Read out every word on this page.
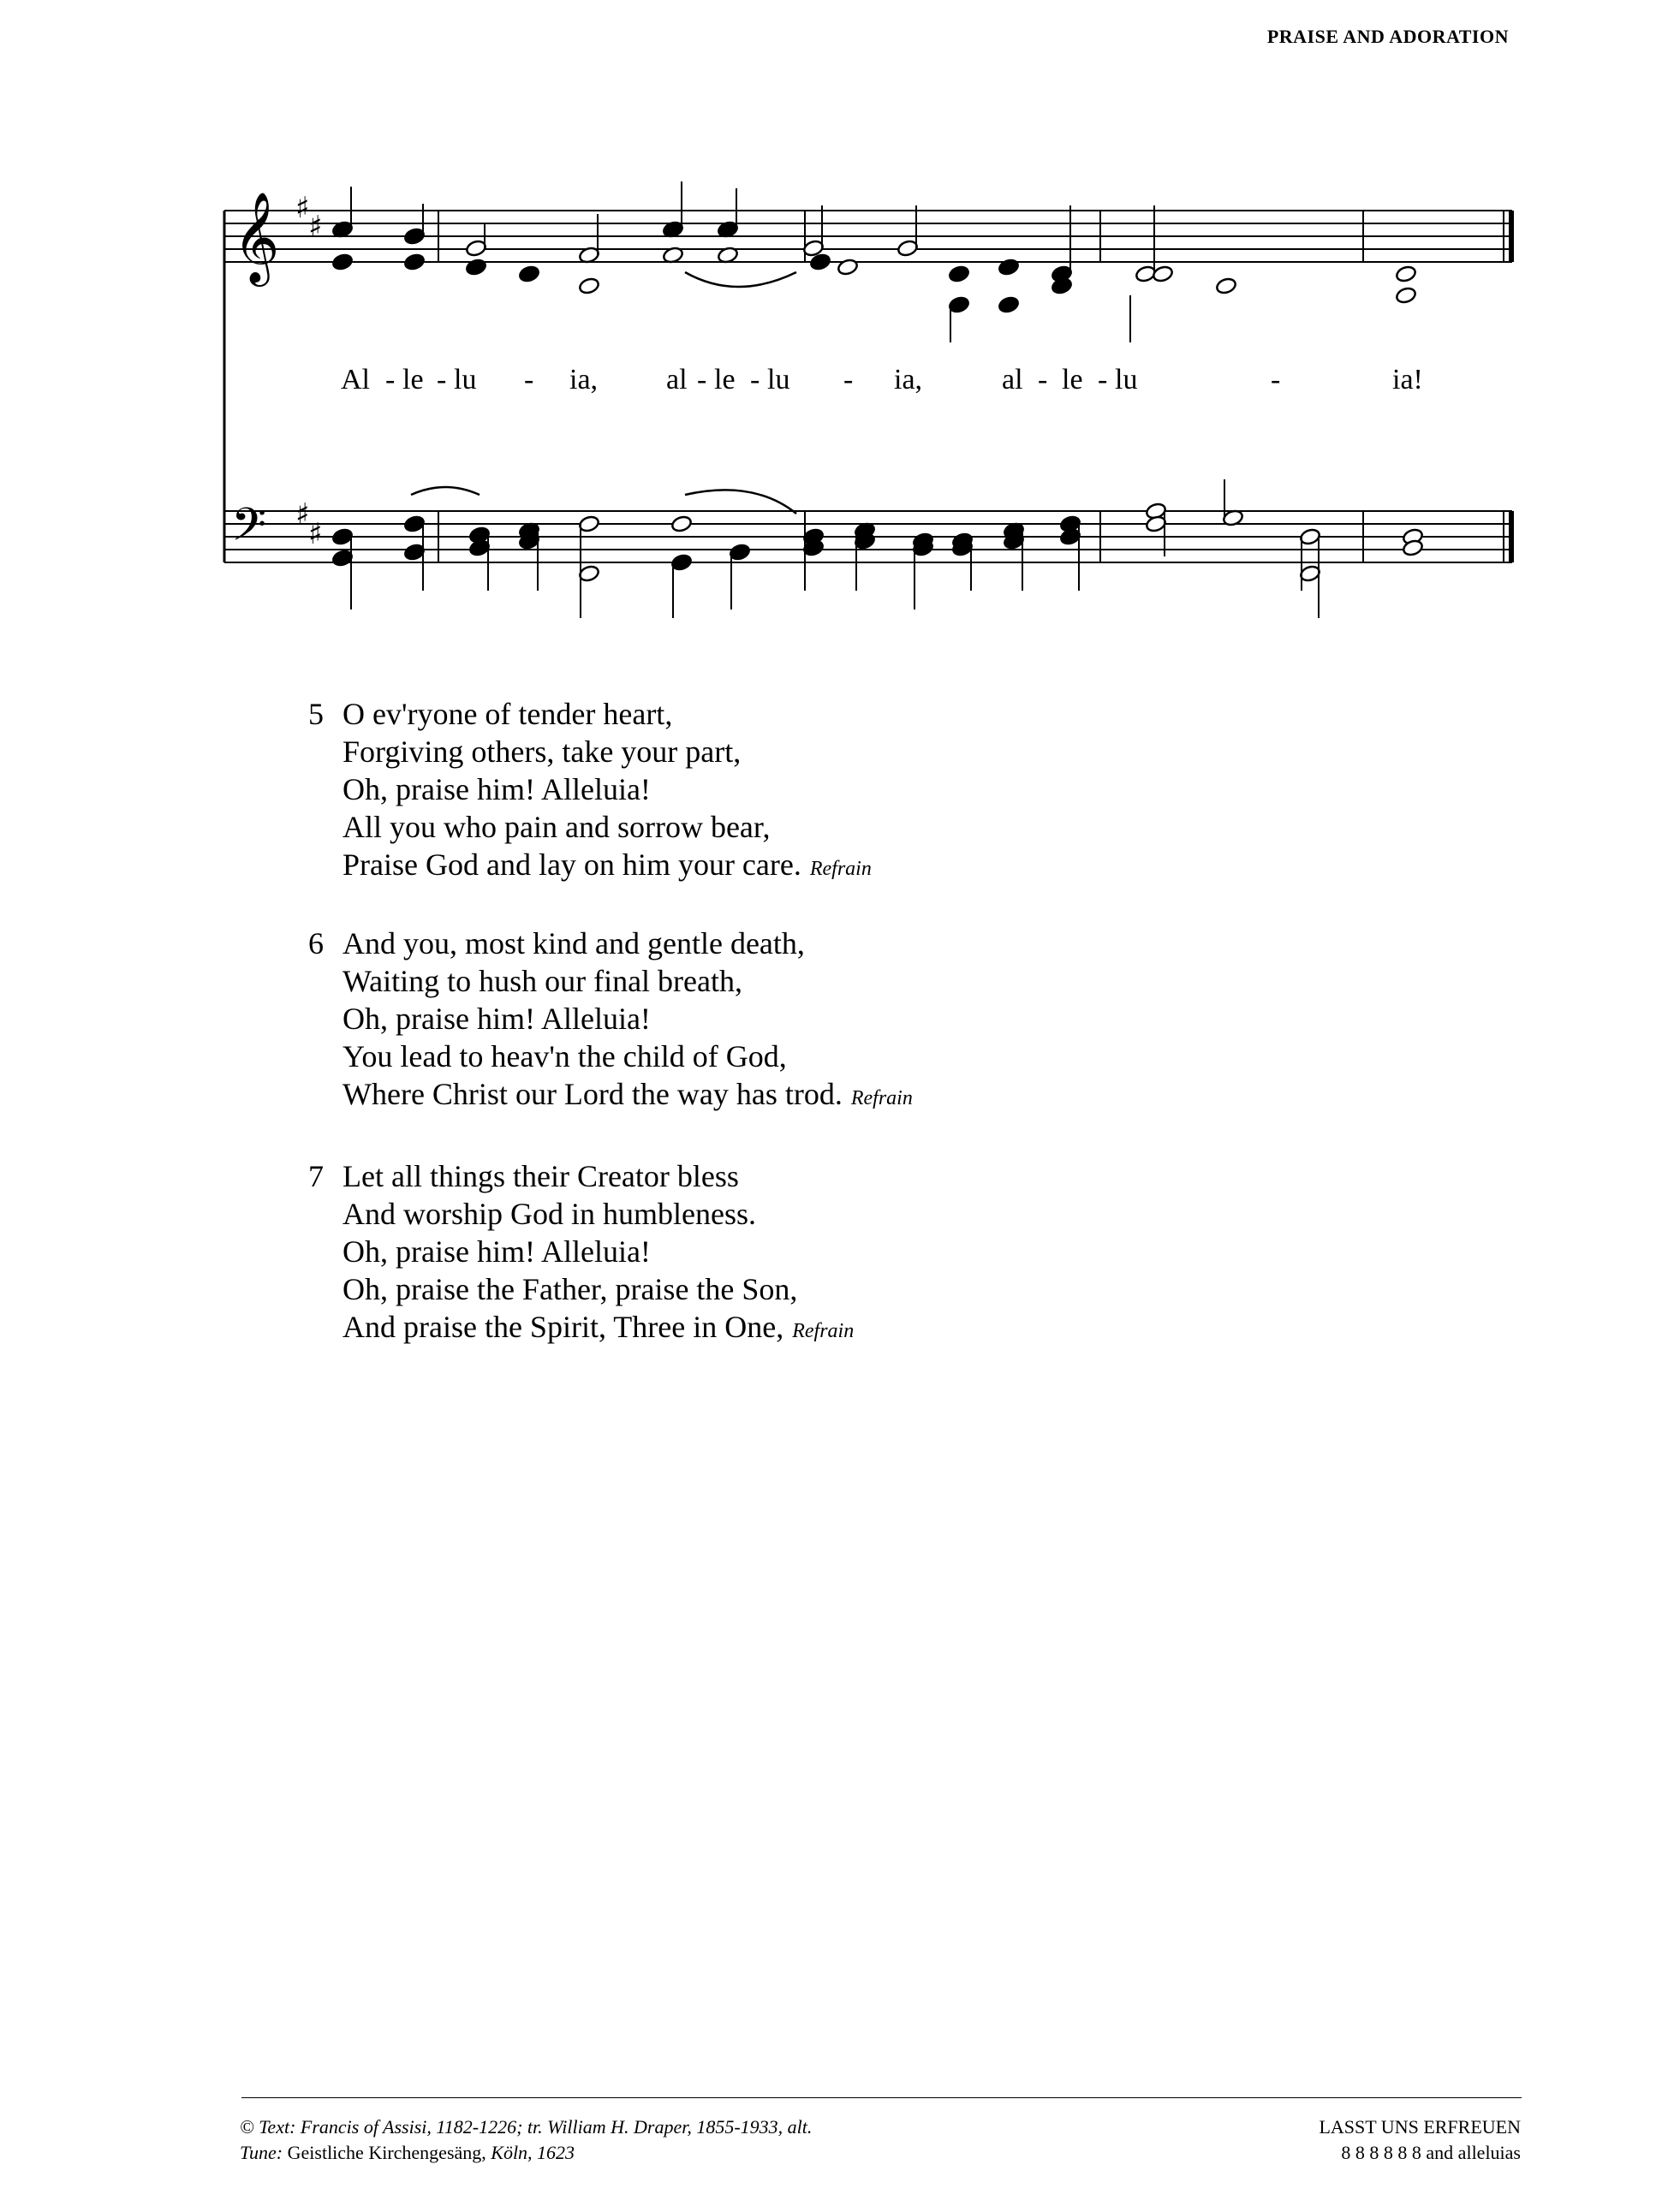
PRAISE AND ADORATION
𝄞
𝄢
♯
♯
♯
♯
Al - le - lu - ia, al - le - lu - ia,	al - le - lu	-	ia!
5 O ev'ryone of tender heart,
Forgiving others, take your part,
Oh, praise him! Alleluia!
All you who pain and sorrow bear,
Praise God and lay on him your care. Refrain
6 And you, most kind and gentle death,
Waiting to hush our final breath,
Oh, praise him! Alleluia!
You lead to heav'n the child of God,
Where Christ our Lord the way has trod. Refrain
7 Let all things their Creator bless
And worship God in humbleness.
Oh, praise him! Alleluia!
Oh, praise the Father, praise the Son,
And praise the Spirit, Three in One, Refrain
© Text: Francis of Assisi, 1182-1226; tr. William H. Draper, 1855-1933, alt.
Tune: Geistliche Kirchengesäng, Köln, 1623
LASST UNS ERFREUEN
8 8 8 8 8 8 and alleluias
